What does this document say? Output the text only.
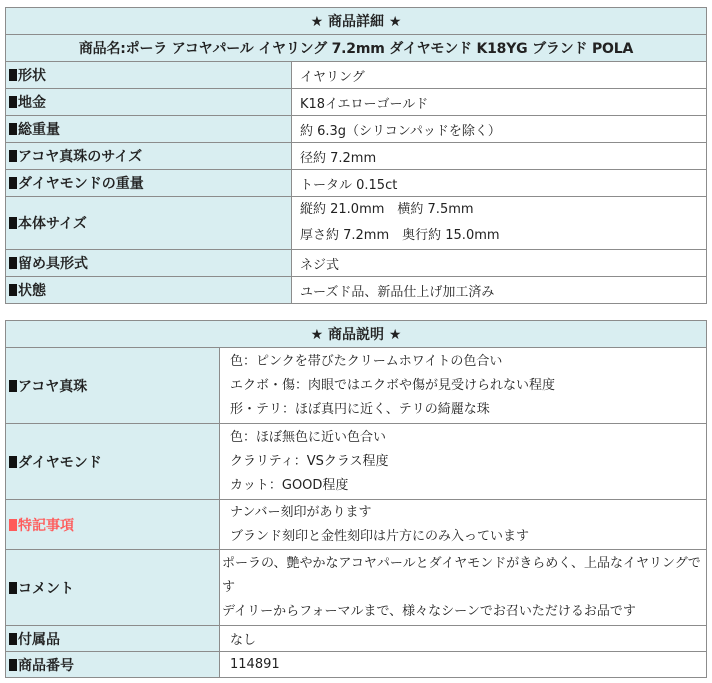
★ 商品詳細 ★	
商品名:ポーラ アコヤパール イヤリング 7.2mm ダイヤモンド K18YG ブランド POLA	
形状	イヤリング
地金	K18イエローゴールド
総重量	約 6.3g（シリコンパッドを除く）
アコヤ真珠のサイズ	径約 7.2mm
ダイヤモンドの重量	トータル 0.15ct
本体サイズ	縦約 21.0mm　横約 7.5mm
厚さ約 7.2mm　奥行約 15.0mm

留め具形式	ネジ式
状態	ユーズド品、新品仕上げ加工済み
★ 商品説明 ★	
アコヤ真珠	色：ピンクを帯びたクリームホワイトの色合い
エクボ・傷：肉眼ではエクボや傷が見受けられない程度
形・テリ：ほぼ真円に近く、テリの綺麗な珠

ダイヤモンド	色：ほぼ無色に近い色合い
クラリティ：VSクラス程度
カット：GOOD程度

特記事項	ナンバー刻印があります
ブランド刻印と金性刻印は片方にのみ入っています

コメント	ポーラの、艶やかなアコヤパールとダイヤモンドがきらめく、上品なイヤリングです
デイリーからフォーマルまで、様々なシーンでお召いただけるお品です

付属品	なし
商品番号	114891
